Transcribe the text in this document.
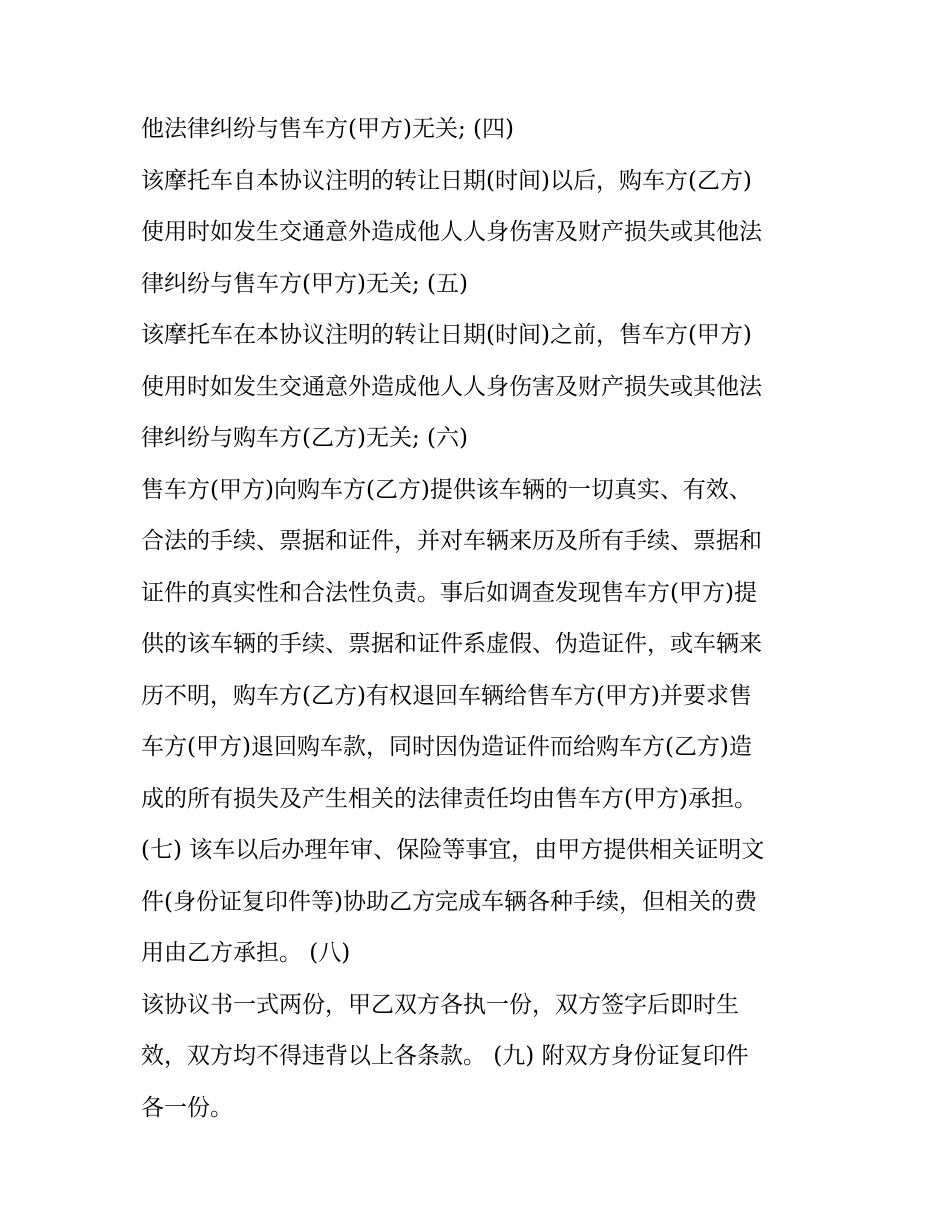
他法律纠纷与售车方(甲方)无关; (四)
该摩托车自本协议注明的转让日期(时间)以后，购车方(乙方)
使用时如发生交通意外造成他人人身伤害及财产损失或其他法
律纠纷与售车方(甲方)无关; (五)
该摩托车在本协议注明的转让日期(时间)之前，售车方(甲方)
使用时如发生交通意外造成他人人身伤害及财产损失或其他法
律纠纷与购车方(乙方)无关; (六)
售车方(甲方)向购车方(乙方)提供该车辆的一切真实、有效、
合法的手续、票据和证件，并对车辆来历及所有手续、票据和
证件的真实性和合法性负责。事后如调查发现售车方(甲方)提
供的该车辆的手续、票据和证件系虚假、伪造证件，或车辆来
历不明，购车方(乙方)有权退回车辆给售车方(甲方)并要求售
车方(甲方)退回购车款，同时因伪造证件而给购车方(乙方)造
成的所有损失及产生相关的法律责任均由售车方(甲方)承担。
(七) 该车以后办理年审、保险等事宜，由甲方提供相关证明文
件(身份证复印件等)协助乙方完成车辆各种手续，但相关的费
用由乙方承担。 (八)
该协议书一式两份，甲乙双方各执一份，双方签字后即时生
效，双方均不得违背以上各条款。 (九) 附双方身份证复印件
各一份。
